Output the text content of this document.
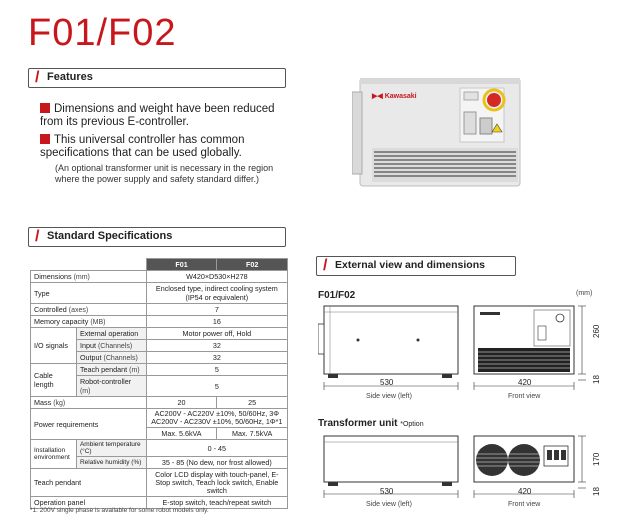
F01/F02
/ Features
Dimensions and weight have been reduced from its previous E-controller.
This universal controller has common specifications that can be used globally.
(An optional transformer unit is necessary in the region where the power supply and safety standard differ.)
▶◀ Kawasaki
/ Standard Specifications
		F01	F02
Dimensions (mm)		W420×D530×H278	
Type		Enclosed type, indirect cooling system (IP54 or equivalent)	
Controlled (axes)		7	
Memory capacity (MB)		16	
I/O signals	External operation	Motor power off, Hold	
	Input (Channels)	32	
	Output (Channels)	32	
Cable length	Teach pendant (m)	5	
	Robot-controller (m)	5	
Mass (kg)		20	25
Power requirements		AC200V - AC220V ±10%, 50/60Hz, 3Φ
AC200V - AC230V ±10%, 50/60Hz, 1Φ*1	
		Max. 5.6kVA	Max. 7.5kVA
Installation environment	Ambient temperature (°C)	0 - 45	
	Relative humidity (%)	35 - 85 (No dew, nor frost allowed)	
Teach pendant		Color LCD display with touch-panel, E-Stop switch, Teach lock switch, Enable switch	
Operation panel		E-stop switch, teach/repeat switch	
*1: 200V single phase is available for some robot models only.
/ External view and dimensions
F01/F02	(mm)
530
Side view (left)
420
Front view
260
18
Transformer unit *Option
530
Side view (left)
420
Front view
170
18
